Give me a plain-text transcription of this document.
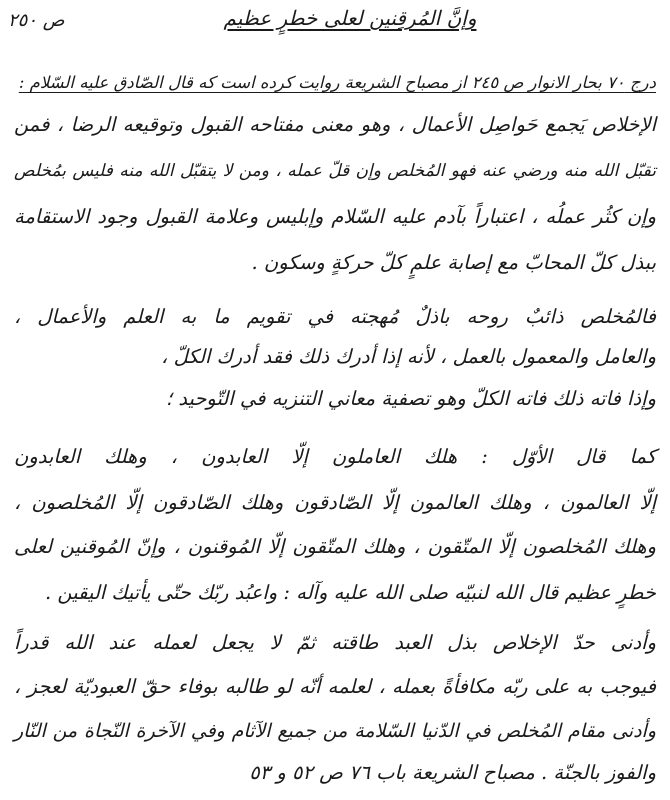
ص ٢٥٠	وإنَّ المُرقِنين لعلى خطرٍ عظيم
درج ٧٠ بحار الانوار ص ٢٤٥ از مصباح الشريعة روايت كرده است كه قال الصّادق عليه السّلام :
الإخلاص يَجمع حَواصِل الأعمال ، وهو معنى مفتاحه القبول وتوقيعه الرضا ، فمن
تقبّل الله منه ورضي عنه فهو المُخلص وإن قلّ عمله ، ومن لا يتقبّل الله منه فليس بمُخلص
وإن كثُر عملُه ، اعتباراً بآدم عليه السّلام وإبليس وعلامة القبول وجود الاستقامة
ببذل كلّ المحابّ مع إصابة علمٍ كلّ حركةٍ وسكون .
فالمُخلص ذائبٌ روحه باذلٌ مُهجته في تقويم ما به العلم والأعمال ،
والعامل والمعمول بالعمل ، لأنه إذا أدرك ذلك فقد أدرك الكلّ ،
وإذا فاته ذلك فاته الكلّ وهو تصفية معاني التنزيه في التّوحيد ؛
كما قال الأوّل : هلك العاملون إلّا العابدون ، وهلك العابدون
إلّا العالمون ، وهلك العالمون إلّا الصّادقون وهلك الصّادقون إلّا المُخلصون ،
وهلك المُخلصون إلّا المتّقون ، وهلك المتّقون إلّا المُوقنون ، وإنّ المُوقنين لعلى
خطرٍ عظيم قال الله لنبيّه صلى الله عليه وآله : واعبُد ربّك حتّى يأتيك اليقين .
وأدنى حدّ الإخلاص بذل العبد طاقته ثمّ لا يجعل لعمله عند الله قدراً
فيوجب به على ربّه مكافأةً بعمله ، لعلمه أنّه لو طالبه بوفاء حقّ العبوديّة لعجز ،
وأدنى مقام المُخلص في الدّنيا السّلامة من جميع الآثام وفي الآخرة النّجاة من النّار
والفوز بالجنّة . مصباح الشريعة باب ٧٦ ص ٥٢ و ٥٣
